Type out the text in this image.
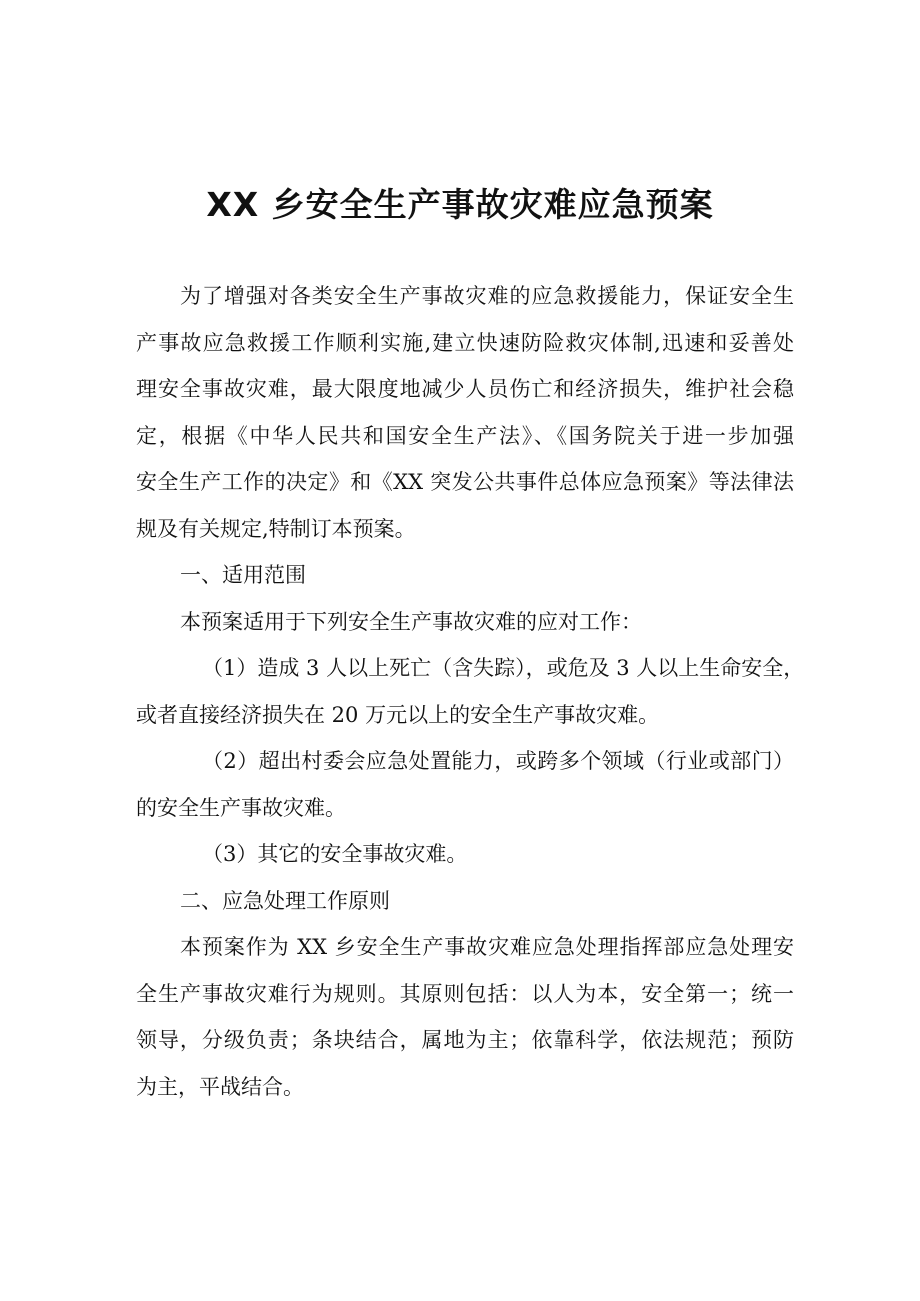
XX 乡安全生产事故灾难应急预案
为了增强对各类安全生产事故灾难的应急救援能力，保证安全生
产事故应急救援工作顺利实施,建立快速防险救灾体制,迅速和妥善处
理安全事故灾难，最大限度地减少人员伤亡和经济损失，维护社会稳
定，根据《中华人民共和国安全生产法》、《国务院关于进一步加强
安全生产工作的决定》和《XX 突发公共事件总体应急预案》等法律法
规及有关规定,特制订本预案。
一、适用范围
本预案适用于下列安全生产事故灾难的应对工作：
（1）造成 3 人以上死亡（含失踪），或危及 3 人以上生命安全，
或者直接经济损失在 20 万元以上的安全生产事故灾难。
（2）超出村委会应急处置能力，或跨多个领域（行业或部门）
的安全生产事故灾难。
（3）其它的安全事故灾难。
二、应急处理工作原则
本预案作为 XX 乡安全生产事故灾难应急处理指挥部应急处理安
全生产事故灾难行为规则。其原则包括：以人为本，安全第一；统一
领导，分级负责；条块结合，属地为主；依靠科学，依法规范；预防
为主，平战结合。
